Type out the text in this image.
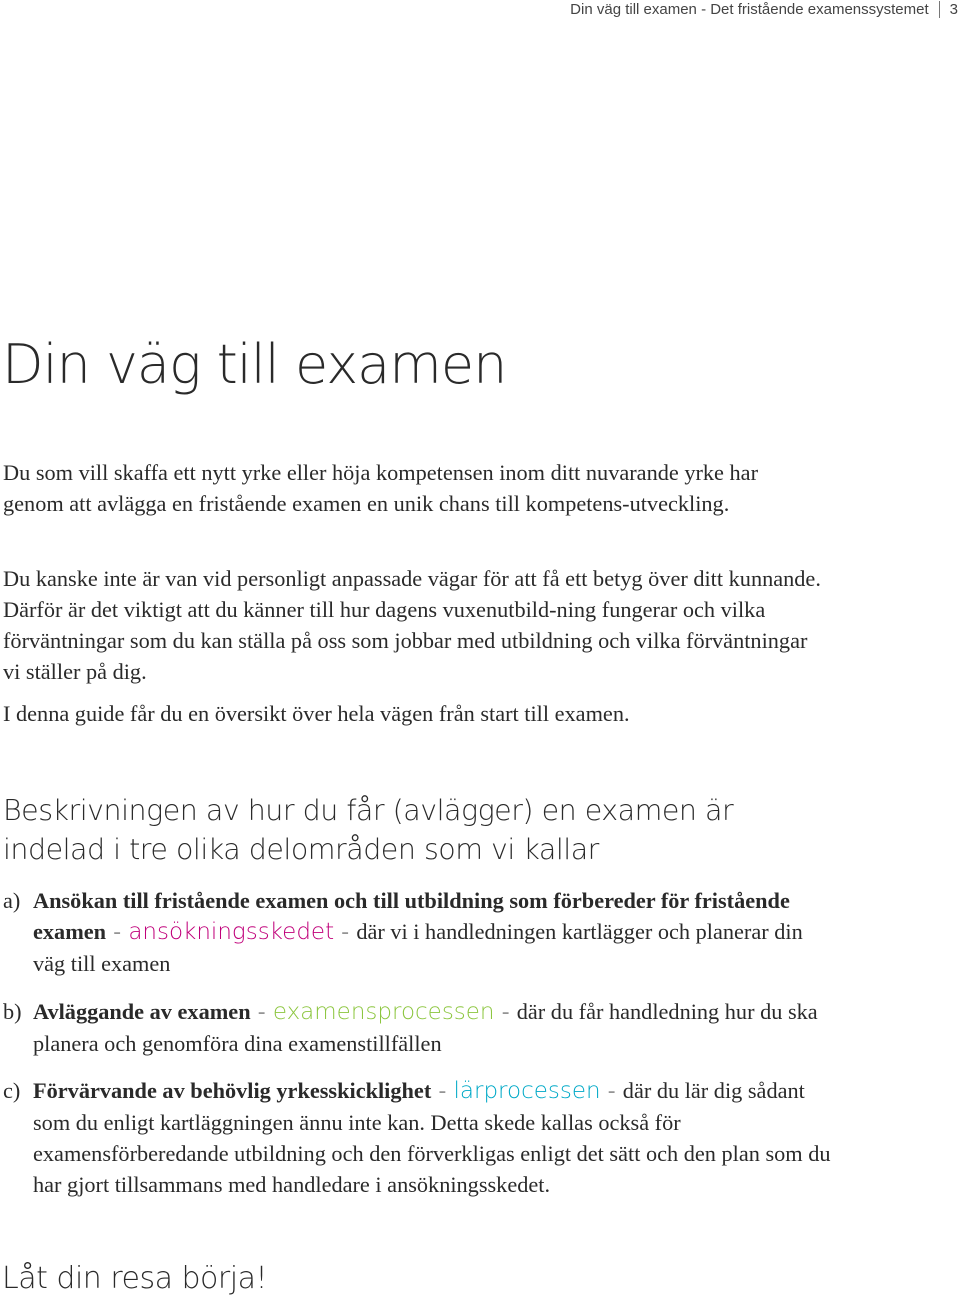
Din väg till examen - Det fristående examenssystemet 3
Din väg till examen

Du som vill skaffa ett nytt yrke eller höja kompetensen inom ditt nuvarande yrke har genom att avlägga en fristående examen en unik chans till kompetens-utveckling.

Du kanske inte är van vid personligt anpassade vägar för att få ett betyg över ditt kunnande. Därför är det viktigt att du känner till hur dagens vuxenutbild-ning fungerar och vilka förväntningar som du kan ställa på oss som jobbar med utbildning och vilka förväntningar vi ställer på dig.

I denna guide får du en översikt över hela vägen från start till examen.

Beskrivningen av hur du får (avlägger) en examen är
indelad i tre olika delområden som vi kallar
a) Ansökan till fristående examen och till utbildning som förbereder för fristående examen - ansökningsskedet - där vi i handledningen kartlägger och planerar din väg till examen
b) Avläggande av examen - examensprocessen - där du får handledning hur du ska planera och genomföra dina examenstillfällen
c) Förvärvande av behövlig yrkesskicklighet - lärprocessen - där du lär dig sådant som du enligt kartläggningen ännu inte kan. Detta skede kallas också för examensförberedande utbildning och den förverkligas enligt det sätt och den plan som du har gjort tillsammans med handledare i ansökningsskedet.
Låt din resa börja!
